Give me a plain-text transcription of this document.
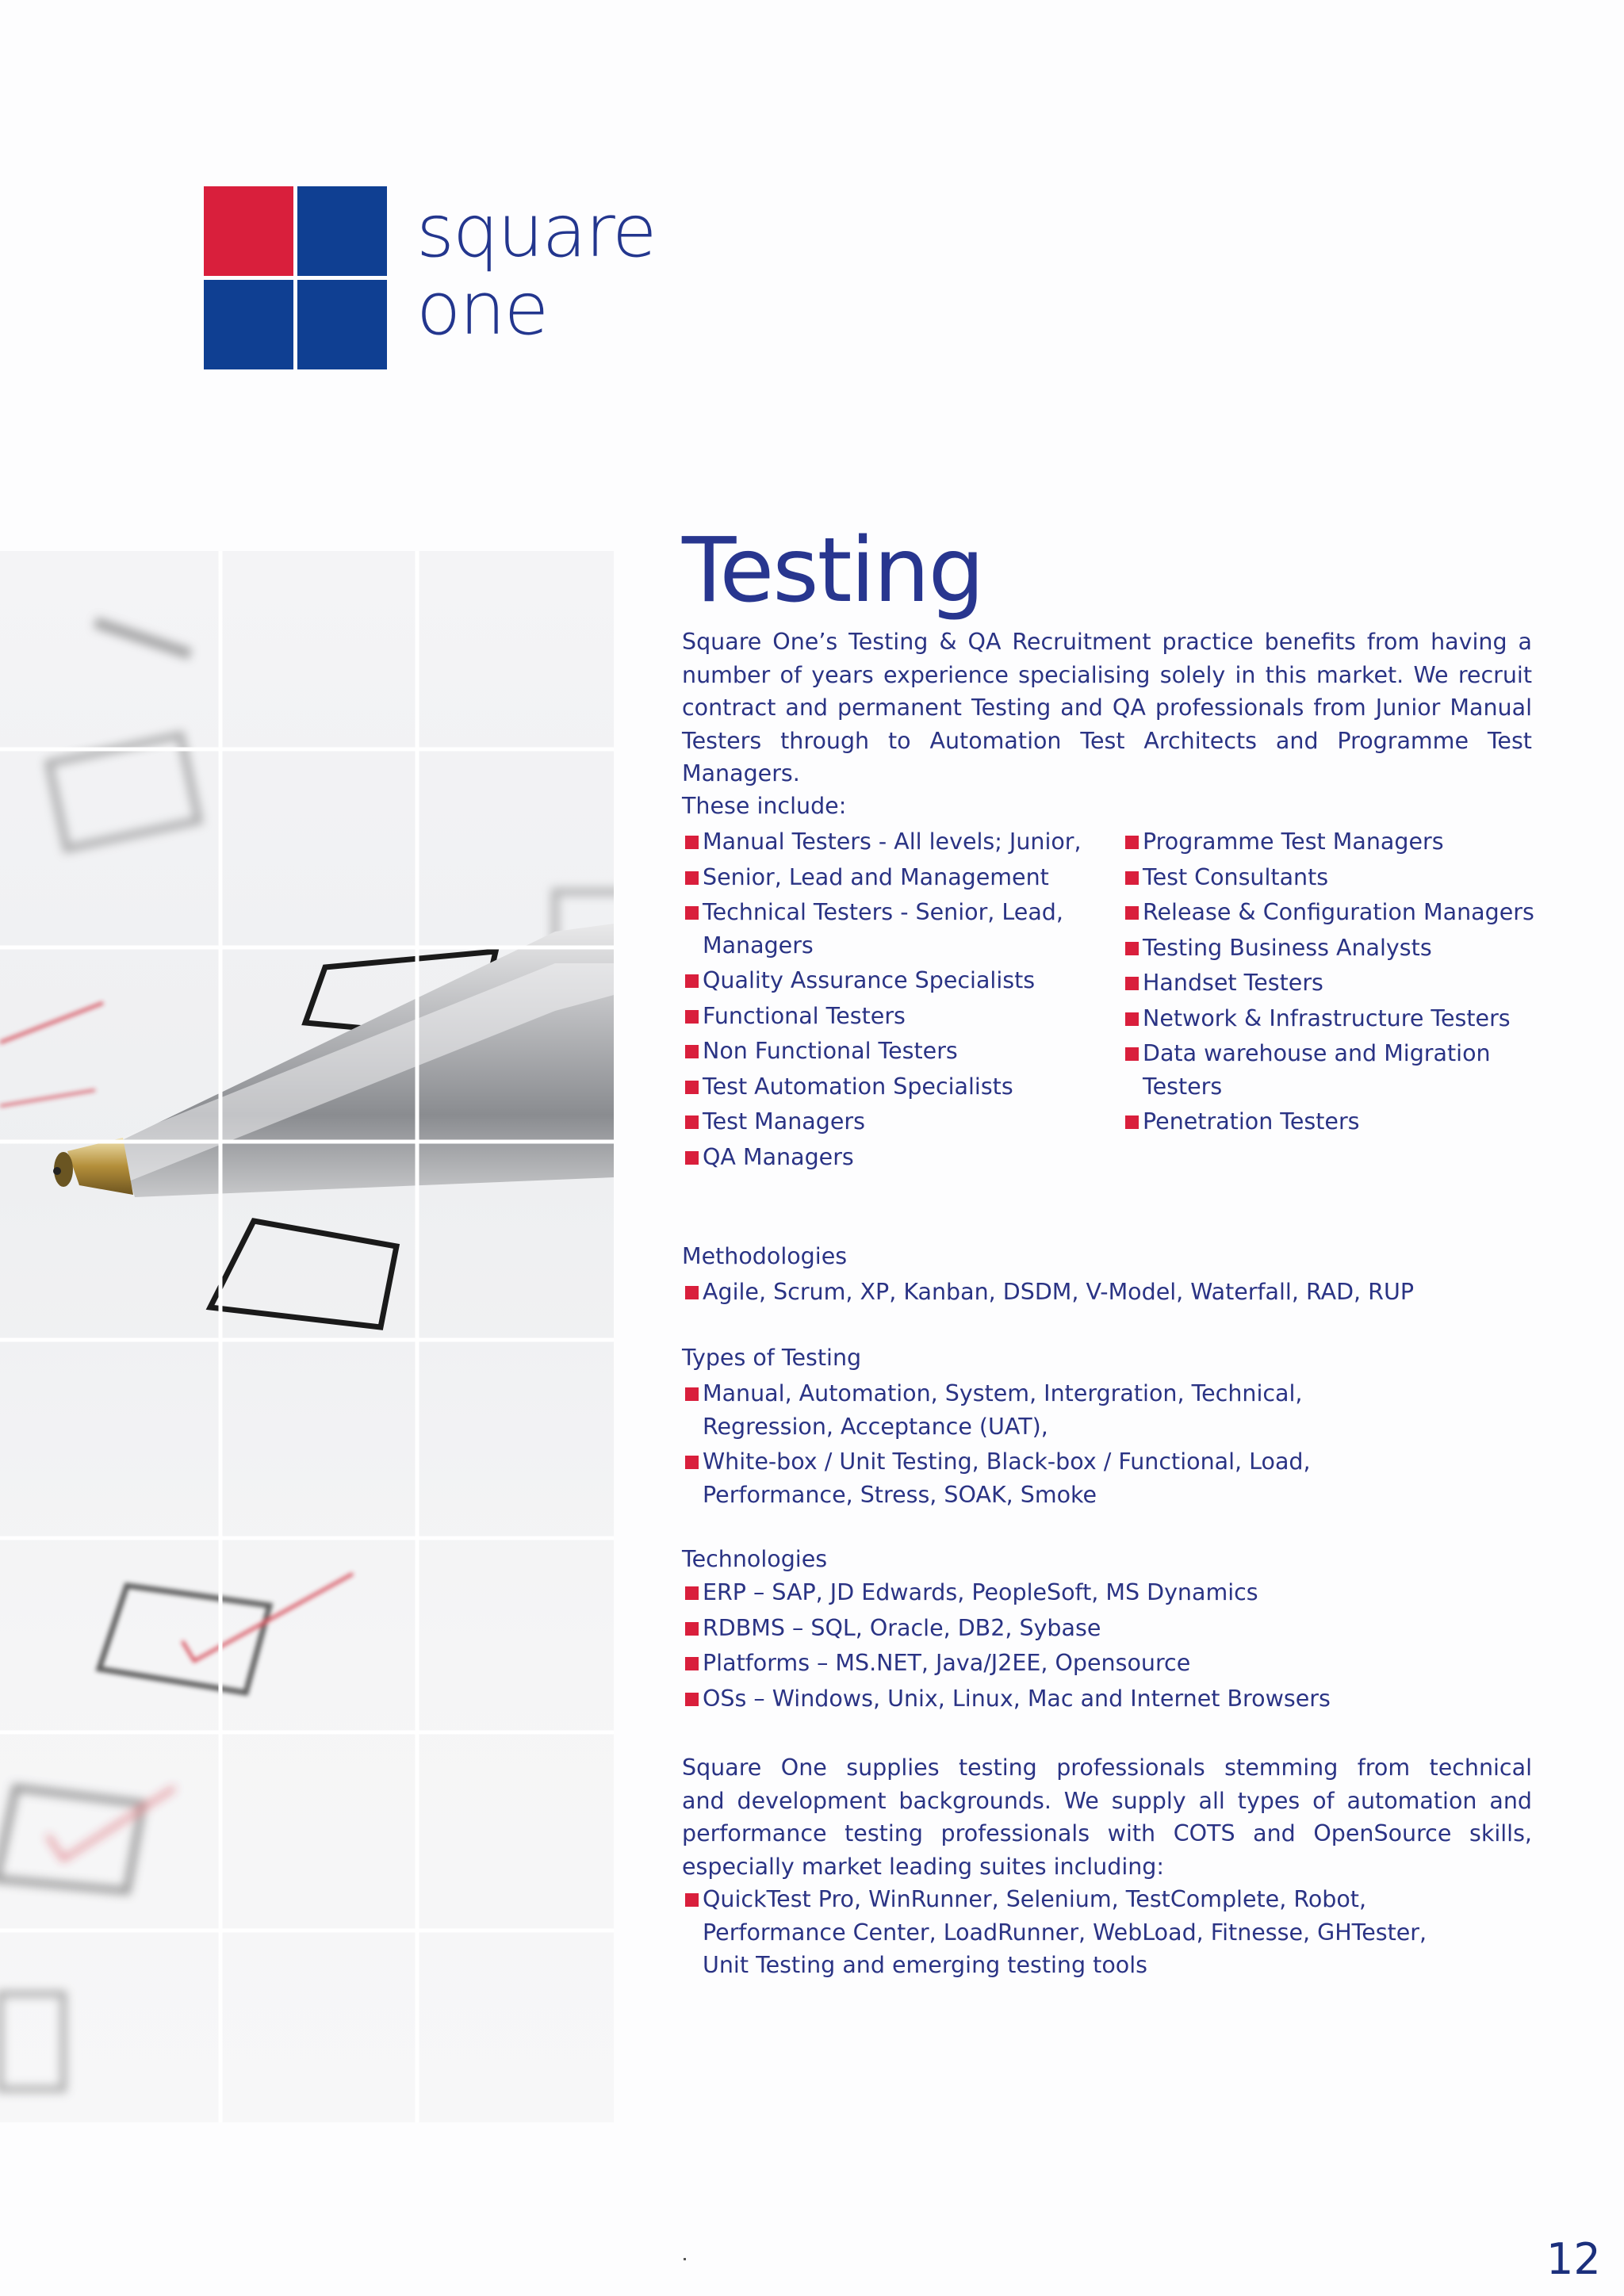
square
one
Testing
Square One’s Testing & QA Recruitment practice benefits from having a number of years experience specialising solely in this market. We recruit contract and permanent Testing and QA professionals from Junior Manual Testers through to Automation Test Architects and Programme Test Managers.
These include:
Manual Testers - All levels; Junior,
Senior, Lead and Management
Technical Testers - Senior, Lead, Managers
Quality Assurance Specialists
Functional Testers
Non Functional Testers
Test Automation Specialists
Test Managers
QA Managers
Programme Test Managers
Test Consultants
Release & Configuration Managers
Testing Business Analysts
Handset Testers
Network & Infrastructure Testers
Data warehouse and Migration Testers
Penetration Testers
Methodologies
Agile, Scrum, XP, Kanban, DSDM, V-Model, Waterfall, RAD, RUP
Types of Testing
Manual, Automation, System, Intergration, Technical, Regression, Acceptance (UAT),
White-box / Unit Testing, Black-box / Functional, Load, Performance, Stress, SOAK, Smoke
Technologies
ERP – SAP, JD Edwards, PeopleSoft, MS Dynamics
RDBMS – SQL, Oracle, DB2, Sybase
Platforms – MS.NET, Java/J2EE, Opensource
OSs – Windows, Unix, Linux, Mac and Internet Browsers
Square One supplies testing professionals stemming from technical
and development backgrounds. We supply all types of automation and
performance testing professionals with COTS and OpenSource skills,
especially market leading suites including:
QuickTest Pro, WinRunner, Selenium, TestComplete, Robot, Performance Center, LoadRunner, WebLoad, Fitnesse, GHTester, Unit Testing and emerging testing tools
12
